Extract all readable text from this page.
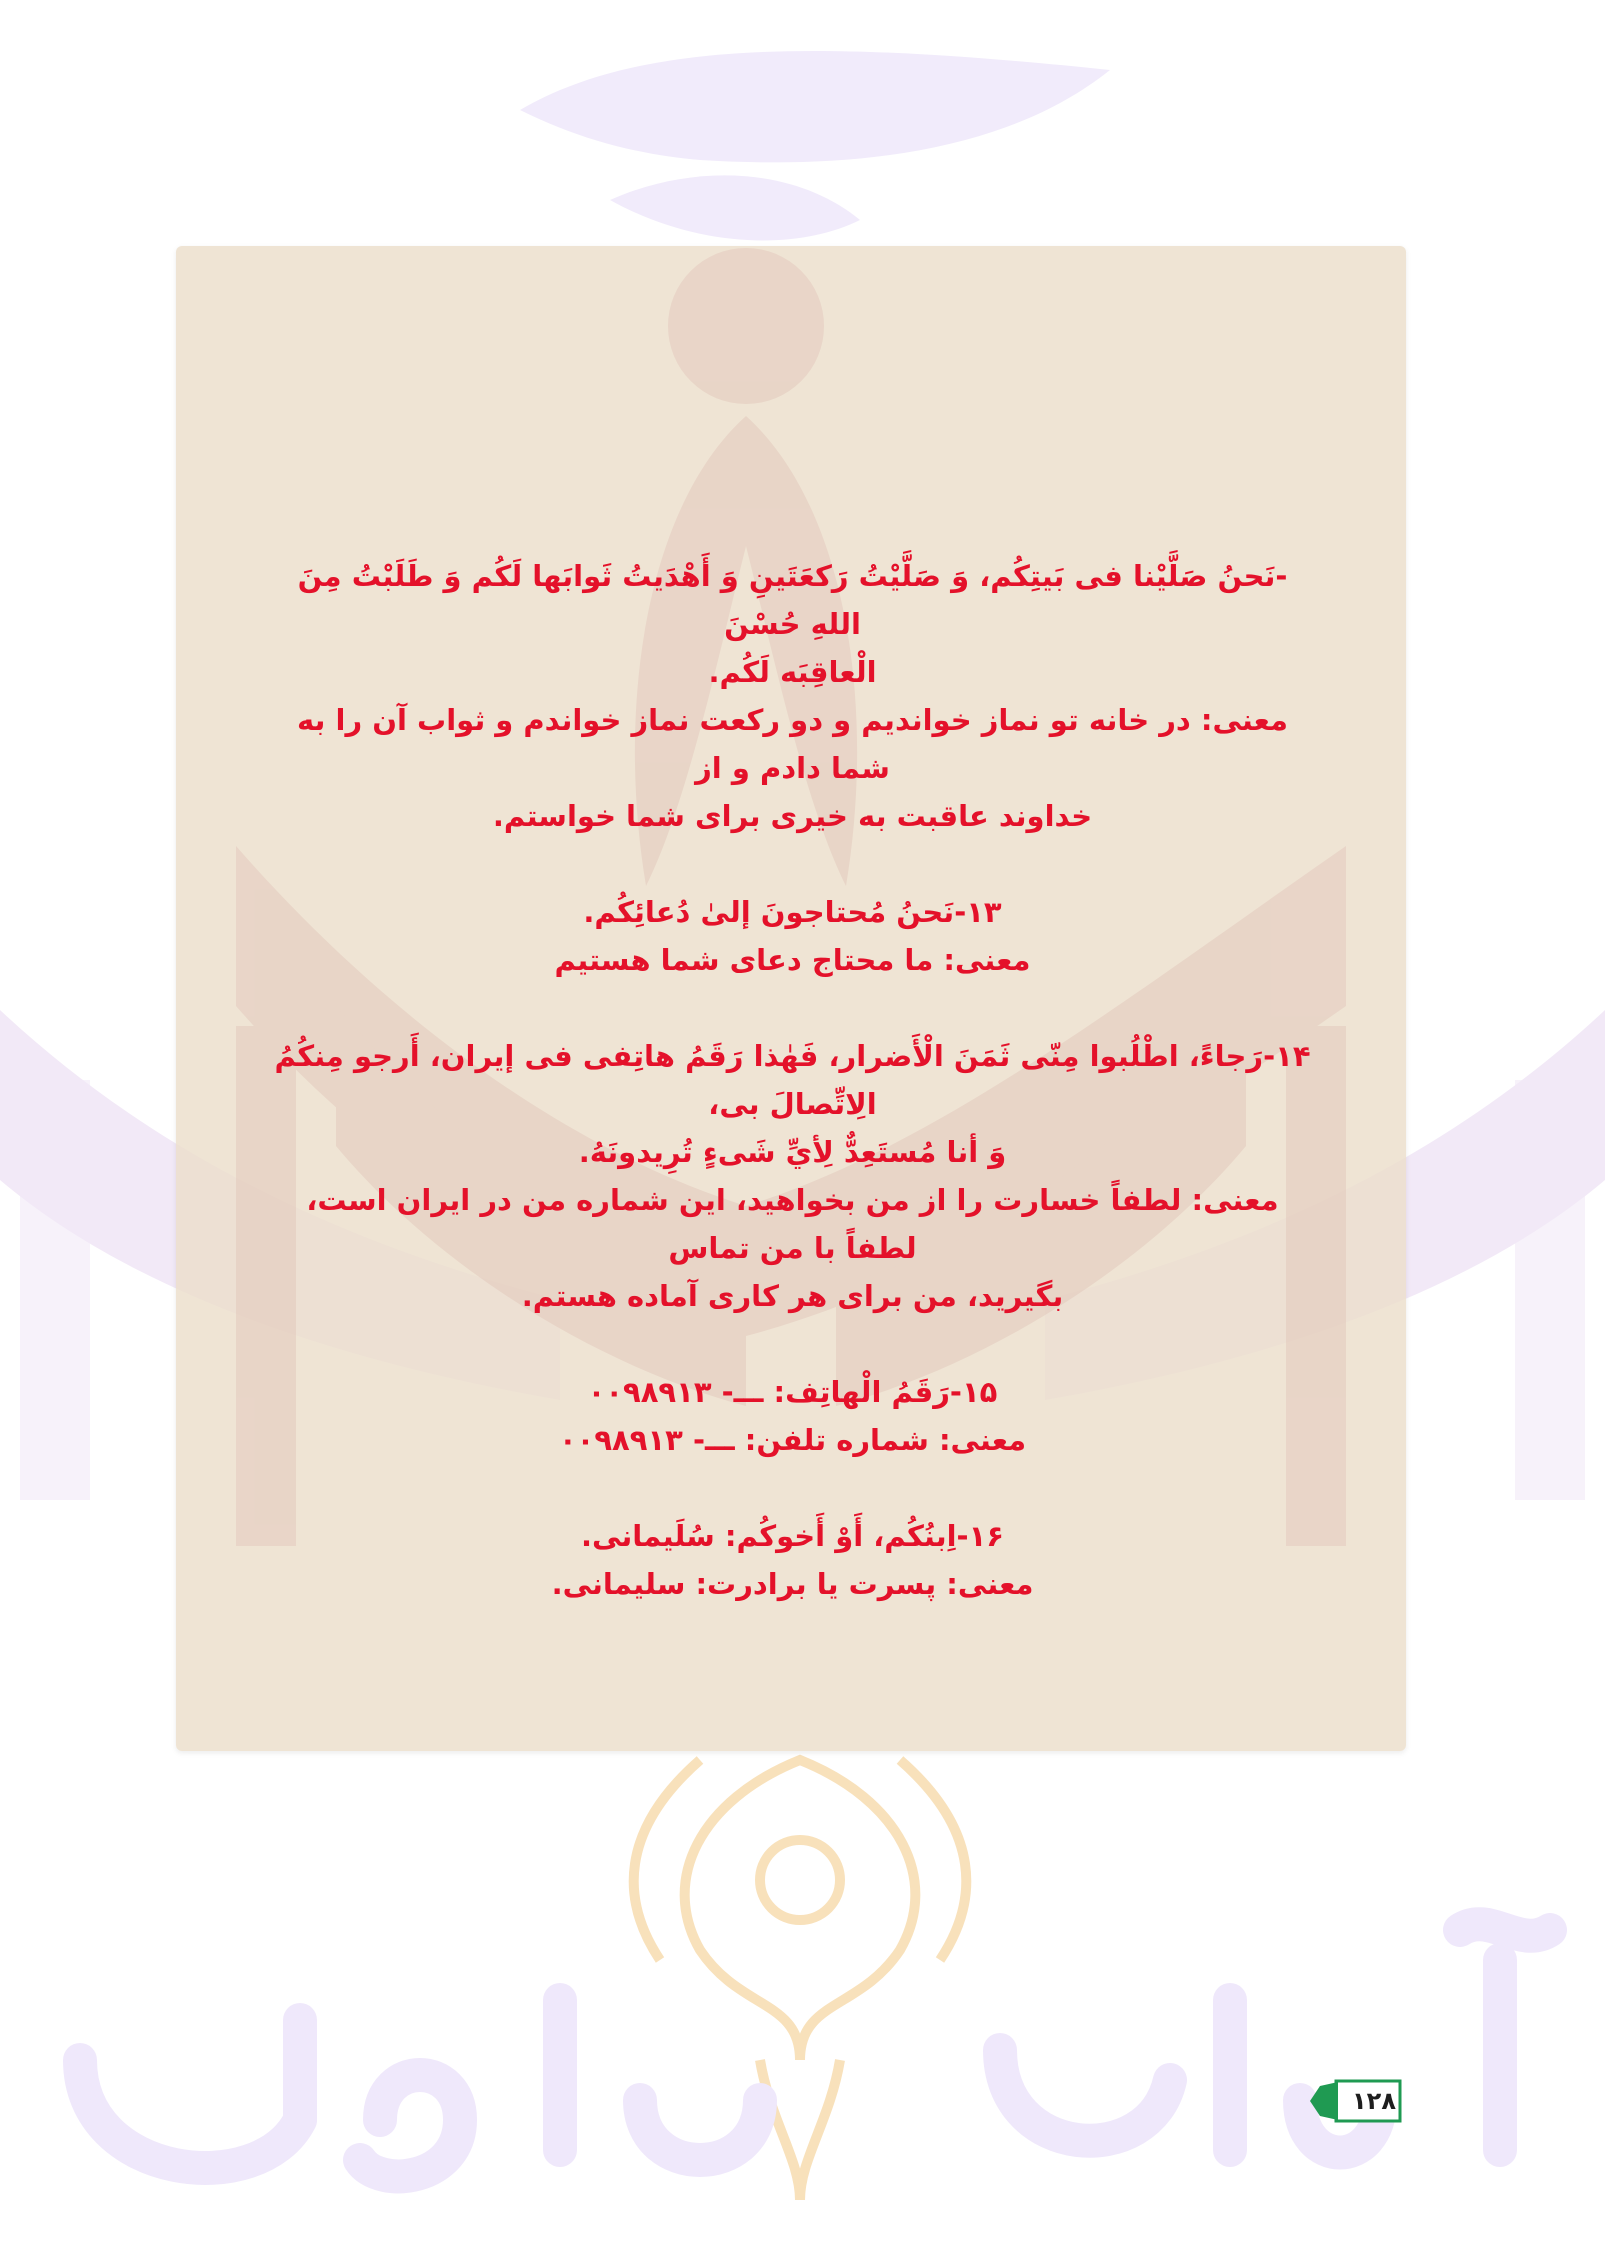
-نَحنُ صَلَّيْنا فی بَیتِکُم، وَ صَلَّيْتُ رَکعَتَینِ وَ أَهْدَیتُ ثَوابَها لَکُم وَ طَلَبْتُ مِنَ اللهِ حُسْنَ

الْعاقِبَه لَکُم.

معنی: در خانه تو نماز خواندیم و دو رکعت نماز خواندم و ثواب آن را به شما دادم و از

خداوند عاقبت به خیری برای شما خواستم.

۱۳-نَحنُ مُحتاجونَ إلیٰ دُعائِکُم.

معنی: ما محتاج دعای شما هستیم

۱۴-رَجاءً، اطْلُبوا مِنّی ثَمَنَ الْأَضرار، فَهٰذا رَقَمُ هاتِفی فی إيران، أَرجو مِنکُمُ الِاتِّصالَ بی،

وَ أنا مُستَعِدٌّ لِأيِّ شَیءٍ تُرِيدونَهُ.

معنی: لطفاً خسارت را از من بخواهید، این شماره من در ایران است، لطفاً با من تماس

بگیرید، من برای هر کاری آماده هستم.

۱۵-رَقَمُ الْهاتِف: ـــ- ۰۰۹۸۹۱۳

معنی: شماره تلفن: ـــ- ۰۰۹۸۹۱۳

۱۶-اِبنُکُم، أَوْ أَخوکُم: سُلَيمانی.

معنی: پسرت یا برادرت: سلیمانی.

۱۲۸
